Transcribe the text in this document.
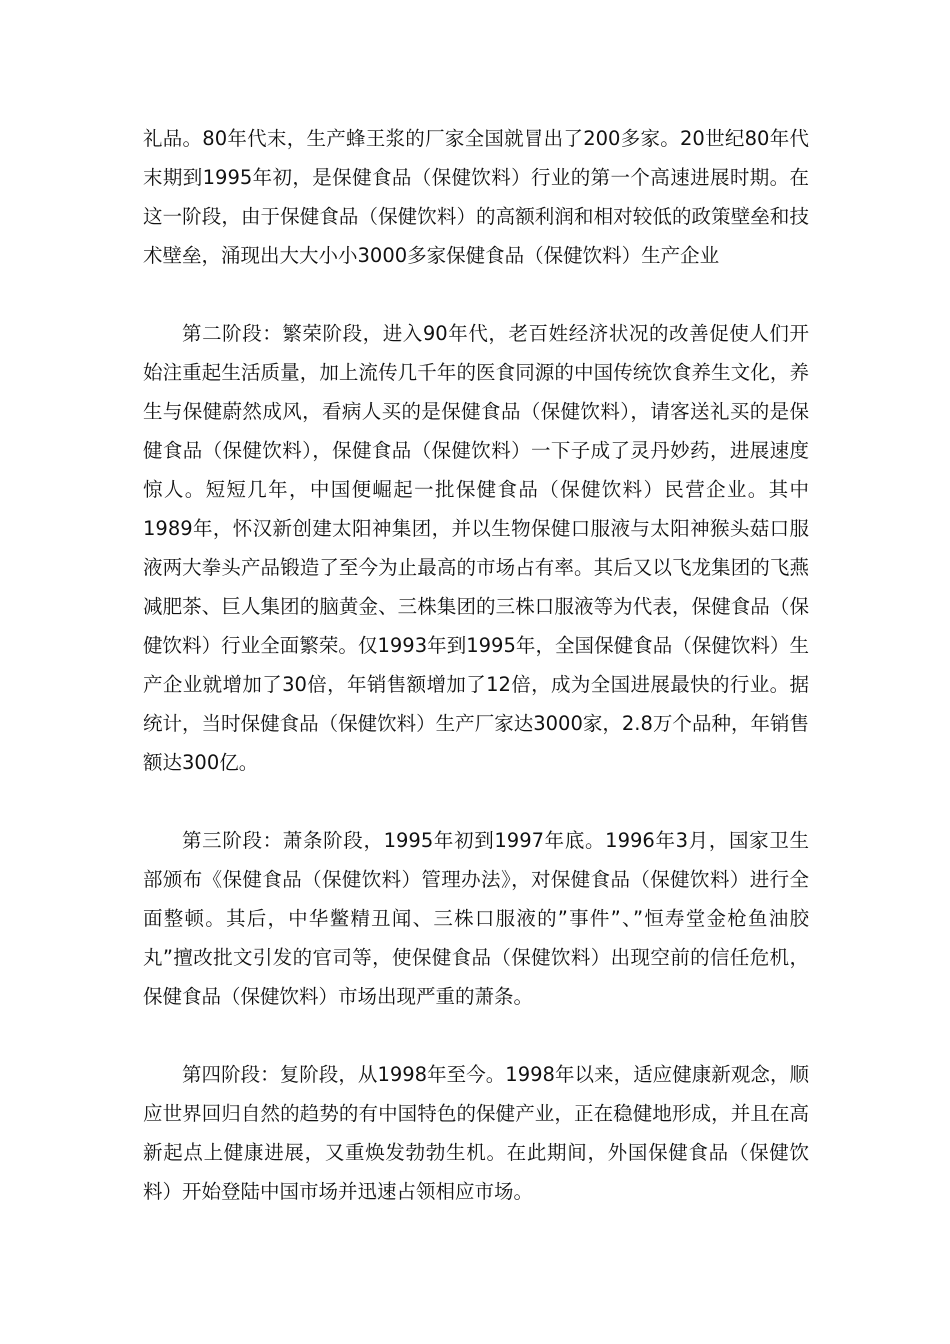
礼品。80年代末，生产蜂王浆的厂家全国就冒出了200多家。20世纪80年代末期到1995年初，是保健食品（保健饮料）行业的第一个高速进展时期。在这一阶段，由于保健食品（保健饮料）的高额利润和相对较低的政策壁垒和技术壁垒，涌现出大大小小3000多家保健食品（保健饮料）生产企业

第二阶段：繁荣阶段，进入90年代，老百姓经济状况的改善促使人们开始注重起生活质量，加上流传几千年的医食同源的中国传统饮食养生文化，养生与保健蔚然成风，看病人买的是保健食品（保健饮料），请客送礼买的是保健食品（保健饮料），保健食品（保健饮料）一下子成了灵丹妙药，进展速度惊人。短短几年，中国便崛起一批保健食品（保健饮料）民营企业。其中1989年，怀汉新创建太阳神集团，并以生物保健口服液与太阳神猴头菇口服液两大拳头产品锻造了至今为止最高的市场占有率。其后又以飞龙集团的飞燕减肥茶、巨人集团的脑黄金、三株集团的三株口服液等为代表，保健食品（保健饮料）行业全面繁荣。仅1993年到1995年，全国保健食品（保健饮料）生产企业就增加了30倍，年销售额增加了12倍，成为全国进展最快的行业。据统计，当时保健食品（保健饮料）生产厂家达3000家，2.8万个品种，年销售额达300亿。

第三阶段：萧条阶段，1995年初到1997年底。1996年3月，国家卫生部颁布《保健食品（保健饮料）管理办法》，对保健食品（保健饮料）进行全面整顿。其后，中华鳖精丑闻、三株口服液的”事件”、”恒寿堂金枪鱼油胶丸”擅改批文引发的官司等，使保健食品（保健饮料）出现空前的信任危机，保健食品（保健饮料）市场出现严重的萧条。

第四阶段：复阶段，从1998年至今。1998年以来，适应健康新观念，顺应世界回归自然的趋势的有中国特色的保健产业，正在稳健地形成，并且在高新起点上健康进展，又重焕发勃勃生机。在此期间，外国保健食品（保健饮料）开始登陆中国市场并迅速占领相应市场。
